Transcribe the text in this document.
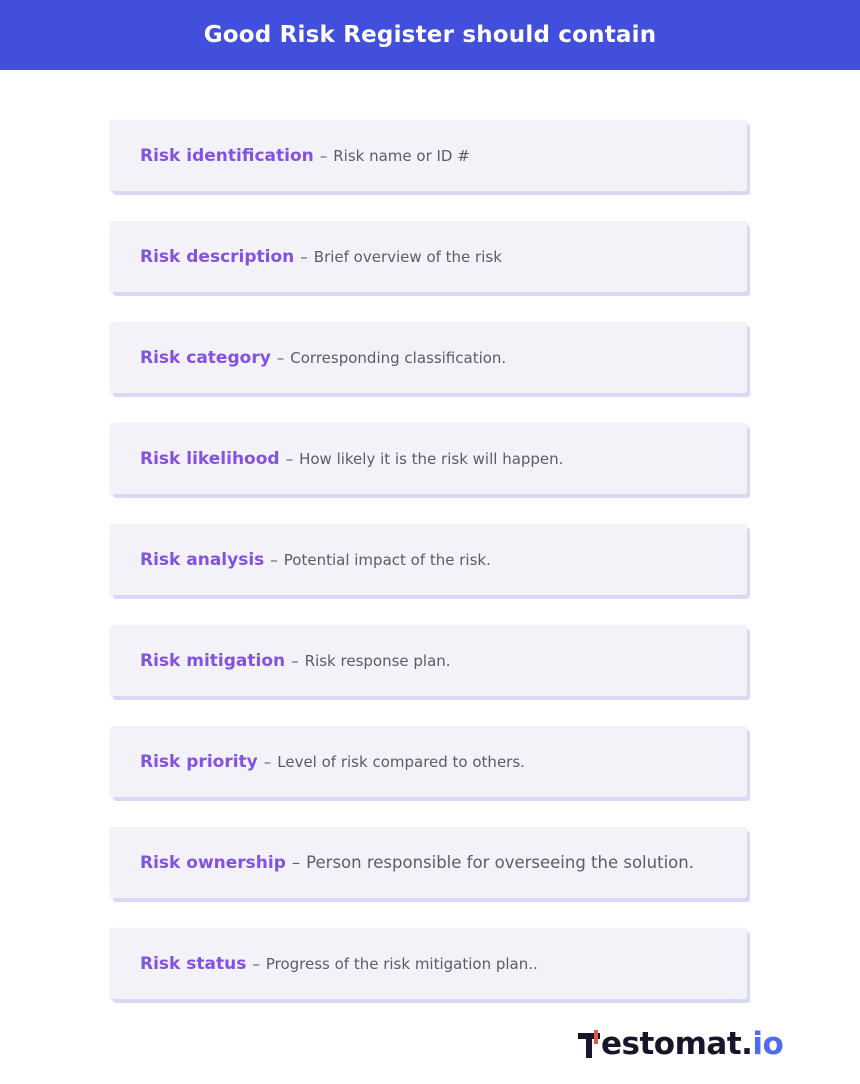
Good Risk Register should contain
Risk identification – Risk name or ID #
Risk description – Brief overview of the risk
Risk category – Corresponding classification.
Risk likelihood – How likely it is the risk will happen.
Risk analysis – Potential impact of the risk.
Risk mitigation – Risk response plan.
Risk priority – Level of risk compared to others.
Risk ownership – Person responsible for overseeing the solution.
Risk status – Progress of the risk mitigation plan..
estomat. io
